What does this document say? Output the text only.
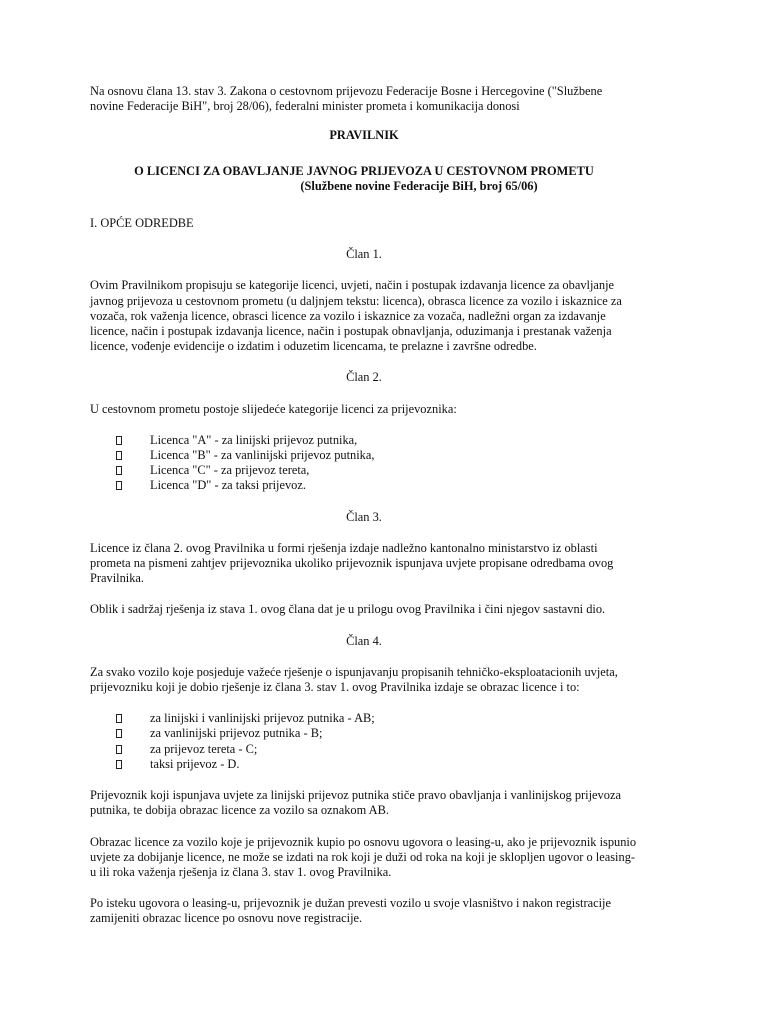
Na osnovu člana 13. stav 3. Zakona o cestovnom prijevozu Federacije Bosne i Hercegovine ("Službene novine Federacije BiH", broj 28/06), federalni minister prometa i komunikacija donosi

PRAVILNIK

O LICENCI ZA OBAVLJANJE JAVNOG PRIJEVOZA U CESTOVNOM PROMETU

(Službene novine Federacije BiH, broj 65/06)

I. OPĆE ODREDBE

Član 1.

Ovim Pravilnikom propisuju se kategorije licenci, uvjeti, način i postupak izdavanja licence za obavljanje javnog prijevoza u cestovnom prometu (u daljnjem tekstu: licenca), obrasca licence za vozilo i iskaznice za vozača, rok važenja licence, obrasci licence za vozilo i iskaznice za vozača, nadležni organ za izdavanje licence, način i postupak izdavanja licence, način i postupak obnavljanja, oduzimanja i prestanak važenja licence, vođenje evidencije o izdatim i oduzetim licencama, te prelazne i završne odredbe.

Član 2.

U cestovnom prometu postoje slijedeće kategorije licenci za prijevoznika:

Licenca "A" - za linijski prijevoz putnika,
Licenca "B" - za vanlinijski prijevoz putnika,
Licenca "C" - za prijevoz tereta,
Licenca "D" - za taksi prijevoz.

Član 3.

Licence iz člana 2. ovog Pravilnika u formi rješenja izdaje nadležno kantonalno ministarstvo iz oblasti prometa na pismeni zahtjev prijevoznika ukoliko prijevoznik ispunjava uvjete propisane odredbama ovog Pravilnika.

Oblik i sadržaj rješenja iz stava 1. ovog člana dat je u prilogu ovog Pravilnika i čini njegov sastavni dio.

Član 4.

Za svako vozilo koje posjeduje važeće rješenje o ispunjavanju propisanih tehničko-eksploatacionih uvjeta, prijevozniku koji je dobio rješenje iz člana 3. stav 1. ovog Pravilnika izdaje se obrazac licence i to:

za linijski i vanlinijski prijevoz putnika - AB;
za vanlinijski prijevoz putnika - B;
za prijevoz tereta - C;
taksi prijevoz - D.

Prijevoznik koji ispunjava uvjete za linijski prijevoz putnika stiče pravo obavljanja i vanlinijskog prijevoza putnika, te dobija obrazac licence za vozilo sa oznakom AB.

Obrazac licence za vozilo koje je prijevoznik kupio po osnovu ugovora o leasing-u, ako je prijevoznik ispunio uvjete za dobijanje licence, ne može se izdati na rok koji je duži od roka na koji je sklopljen ugovor o leasing-u ili roka važenja rješenja iz člana 3. stav 1. ovog Pravilnika.

Po isteku ugovora o leasing-u, prijevoznik je dužan prevesti vozilo u svoje vlasništvo i nakon registracije zamijeniti obrazac licence po osnovu nove registracije.
